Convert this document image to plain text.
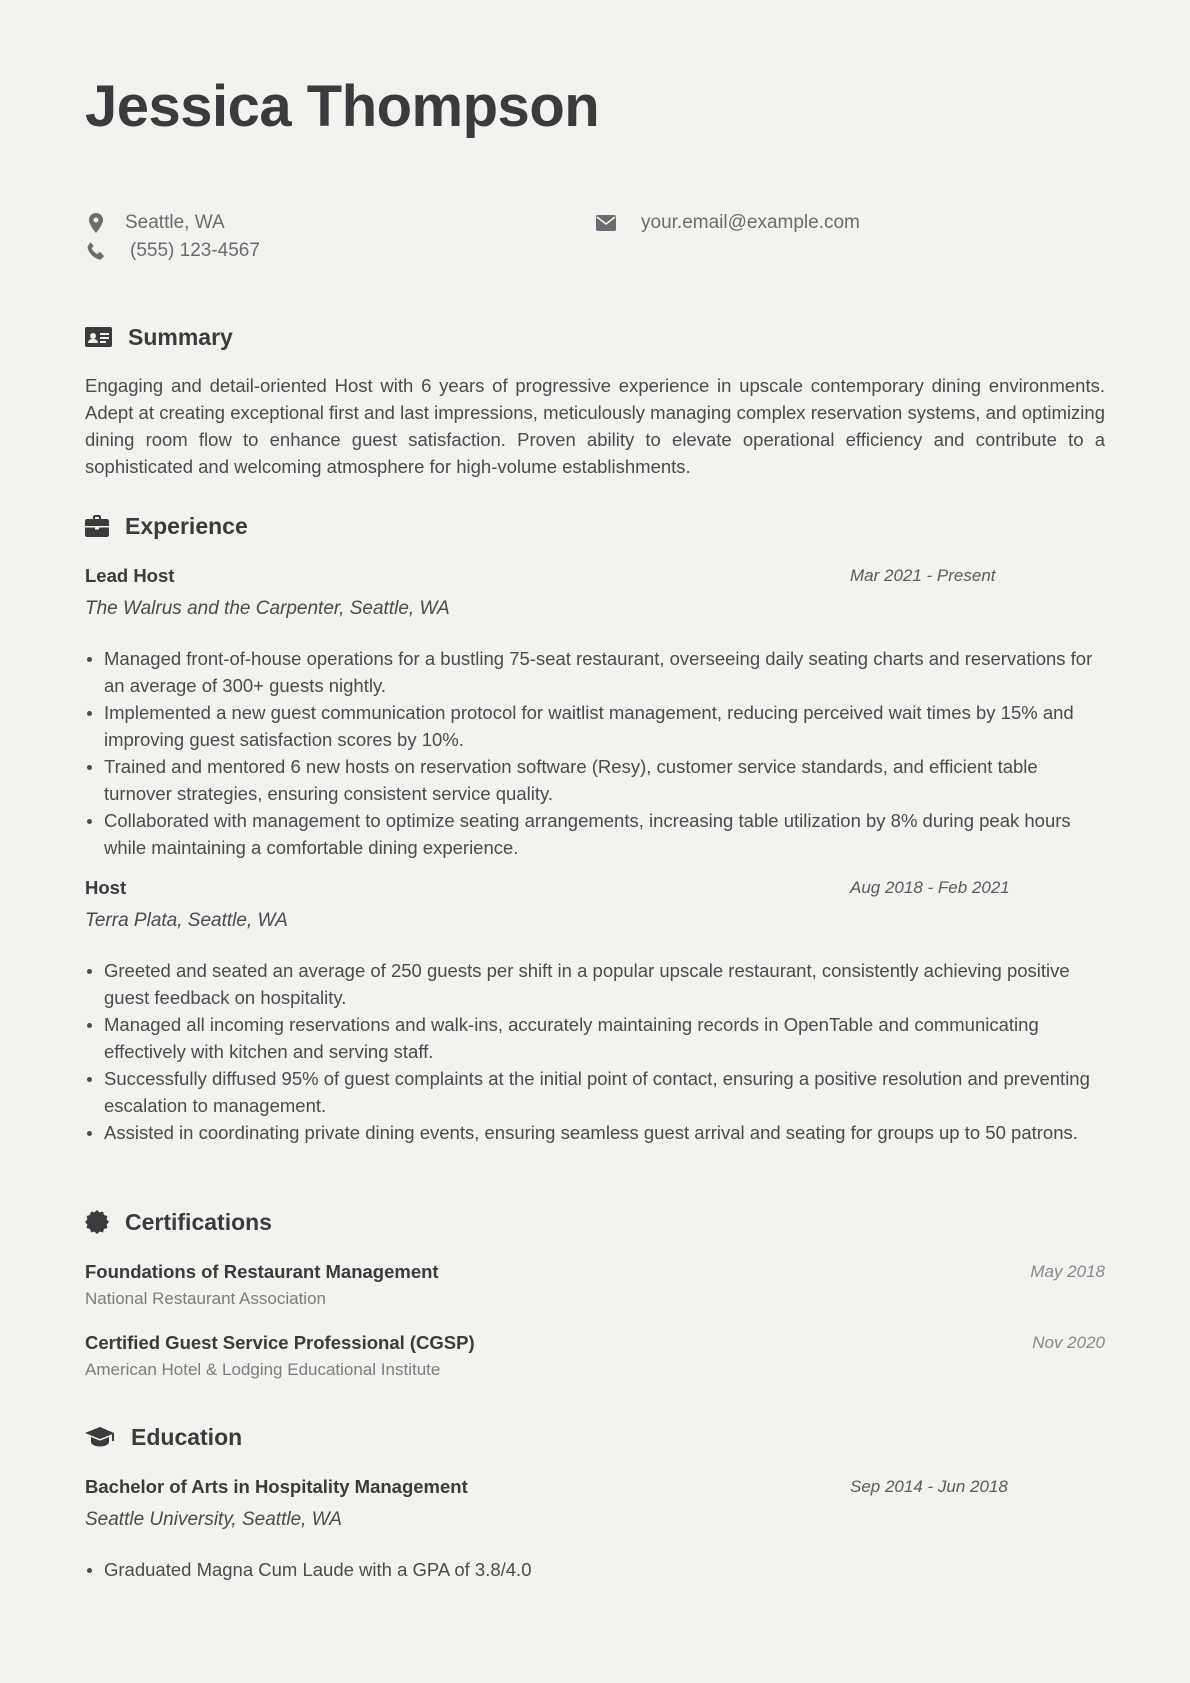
Jessica Thompson
Seattle, WA
(555) 123-4567
your.email@example.com
Summary

Engaging and detail-oriented Host with 6 years of progressive experience in upscale contemporary dining environments. Adept at creating exceptional first and last impressions, meticulously managing complex reservation systems, and optimizing dining room flow to enhance guest satisfaction. Proven ability to elevate operational efficiency and contribute to a sophisticated and welcoming atmosphere for high-volume establishments.

Experience
Lead Host	Mar 2021 - Present
The Walrus and the Carpenter, Seattle, WA
Managed front-of-house operations for a bustling 75-seat restaurant, overseeing daily seating charts and reservations for an average of 300+ guests nightly.
Implemented a new guest communication protocol for waitlist management, reducing perceived wait times by 15% and improving guest satisfaction scores by 10%.
Trained and mentored 6 new hosts on reservation software (Resy), customer service standards, and efficient table turnover strategies, ensuring consistent service quality.
Collaborated with management to optimize seating arrangements, increasing table utilization by 8% during peak hours while maintaining a comfortable dining experience.
Host	Aug 2018 - Feb 2021
Terra Plata, Seattle, WA
Greeted and seated an average of 250 guests per shift in a popular upscale restaurant, consistently achieving positive guest feedback on hospitality.
Managed all incoming reservations and walk-ins, accurately maintaining records in OpenTable and communicating effectively with kitchen and serving staff.
Successfully diffused 95% of guest complaints at the initial point of contact, ensuring a positive resolution and preventing escalation to management.
Assisted in coordinating private dining events, ensuring seamless guest arrival and seating for groups up to 50 patrons.
Certifications
Foundations of Restaurant Management	May 2018
National Restaurant Association
Certified Guest Service Professional (CGSP)	Nov 2020
American Hotel & Lodging Educational Institute
Education
Bachelor of Arts in Hospitality Management	Sep 2014 - Jun 2018
Seattle University, Seattle, WA
Graduated Magna Cum Laude with a GPA of 3.8/4.0
